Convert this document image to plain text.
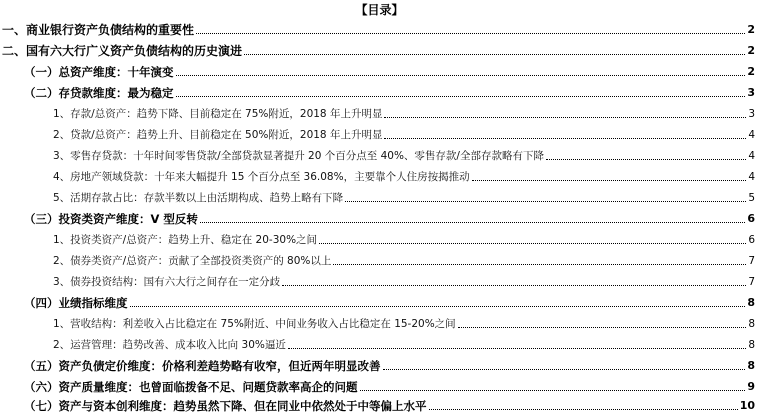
【目录】
一、商业银行资产负债结构的重要性	2
二、国有六大行广义资产负债结构的历史演进	2
（一）总资产维度：十年演变	2
（二）存贷款维度：最为稳定	3
1、存款/总资产：趋势下降、目前稳定在 75%附近，2018 年上升明显	3
2、贷款/总资产：趋势上升、目前稳定在 50%附近，2018 年上升明显	4
3、零售存贷款：十年时间零售贷款/全部贷款显著提升 20 个百分点至 40%、零售存款/全部存款略有下降	4
4、房地产领域贷款：十年来大幅提升 15 个百分点至 36.08%，主要靠个人住房按揭推动	4
5、活期存款占比：存款半数以上由活期构成、趋势上略有下降	5
（三）投资类资产维度：V 型反转	6
1、投资类资产/总资产：趋势上升、稳定在 20-30%之间	6
2、债券类资产/总资产：贡献了全部投资类资产的 80%以上	7
3、债券投资结构：国有六大行之间存在一定分歧	7
（四）业绩指标维度	8
1、营收结构：利差收入占比稳定在 75%附近、中间业务收入占比稳定在 15-20%之间	8
2、运营管理：趋势改善、成本收入比向 30%逼近	8
（五）资产负债定价维度：价格利差趋势略有收窄，但近两年明显改善	8
（六）资产质量维度：也曾面临拨备不足、问题贷款率高企的问题	9
（七）资产与资本创利维度：趋势虽然下降、但在同业中依然处于中等偏上水平	10
